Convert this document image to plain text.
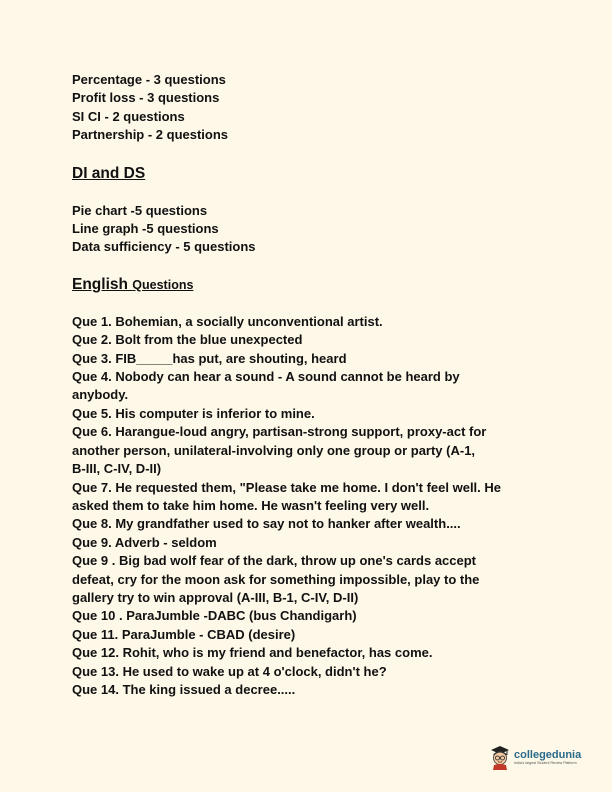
Percentage - 3 questions

Profit loss - 3 questions

SI CI - 2 questions

Partnership - 2 questions

DI and DS

Pie chart -5 questions

Line graph -5 questions

Data sufficiency - 5 questions

English Questions

Que 1. Bohemian, a socially unconventional artist.

Que 2. Bolt from the blue unexpected

Que 3. FIB_____has put, are shouting, heard

Que 4. Nobody can hear a sound - A sound cannot be heard by

anybody.

Que 5. His computer is inferior to mine.

Que 6. Harangue-loud angry, partisan-strong support, proxy-act for

another person, unilateral-involving only one group or party (A-1,

B-III, C-IV, D-II)

Que 7. He requested them, "Please take me home. I don't feel well. He

asked them to take him home. He wasn't feeling very well.

Que 8. My grandfather used to say not to hanker after wealth....

Que 9. Adverb - seldom

Que 9 . Big bad wolf fear of the dark, throw up one's cards accept

defeat, cry for the moon ask for something impossible, play to the

gallery try to win approval (A-III, B-1, C-IV, D-II)

Que 10 . ParaJumble -DABC (bus Chandigarh)

Que 11. ParaJumble - CBAD (desire)

Que 12. Rohit, who is my friend and benefactor, has come.

Que 13. He used to wake up at 4 o'clock, didn't he?

Que 14. The king issued a decree.....

collegedunia
India's largest Student Review Platform
